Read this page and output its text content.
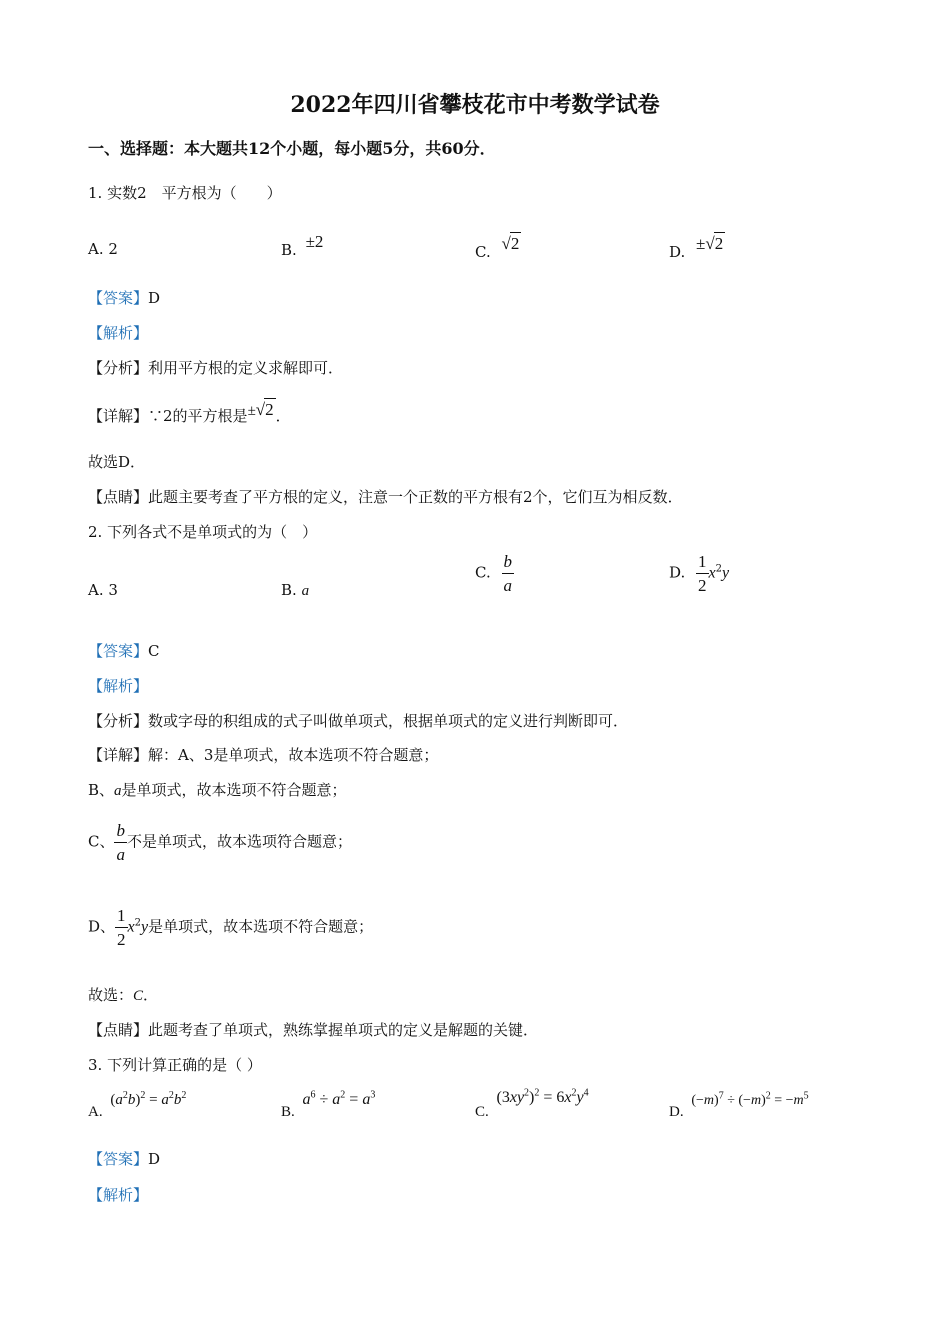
2022年四川省攀枝花市中考数学试卷
一、选择题：本大题共12个小题，每小题5分，共60分．
1. 实数2　平方根为（　　）
A. 2	B. ±2
C. √ 2	D. ±√ 2
【答案】D
【解析】
【分析】利用平方根的定义求解即可．
【详解】∵2的平方根是±√ 2 ．
故选D．
【点睛】此题主要考查了平方根的定义，注意一个正数的平方根有2个，它们互为相反数．
2. 下列各式不是单项式的为（　）
A. 3	B. a
C. $\frac{b}{a}$	D. $\frac{1}{2} x^2y$
【答案】C
【解析】
【分析】数或字母的积组成的式子叫做单项式，根据单项式的定义进行判断即可．
【详解】解：A、3是单项式，故本选项不符合题意；
B、a是单项式，故本选项不符合题意；
C、 $\frac{b}{a}$ 不是单项式，故本选项符合题意；
D、 $\frac{1}{2} x^2y$是单项式，故本选项不符合题意；
故选：C．
【点睛】此题考查了单项式，熟练掌握单项式的定义是解题的关键．
3. 下列计算正确的是（ ）
A. $(a^2b)^2 = a^2b^2$
B. $a^6 \div a^2 = a^3$
C. $(3xy^2)^2 = 6x^2y^4$
D. $(-m)^7 \div (-m)^2 = -m^5$
【答案】D
【解析】
